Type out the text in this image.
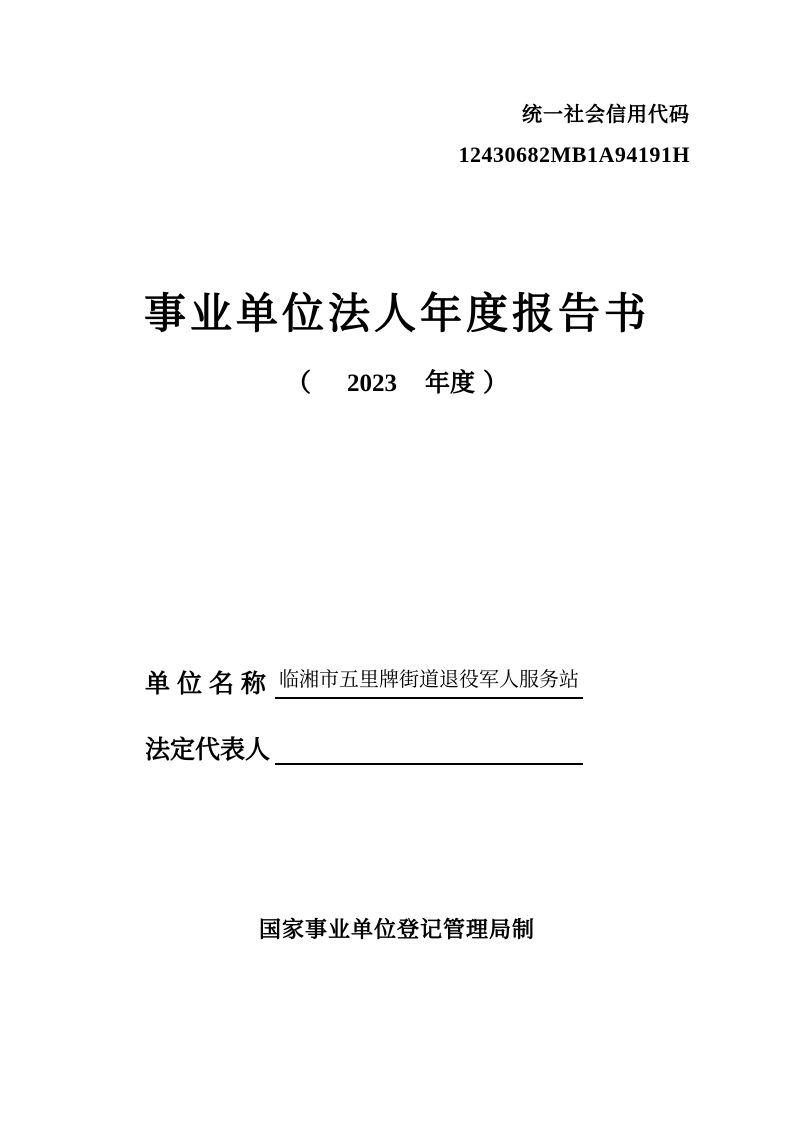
统一社会信用代码
12430682MB1A94191H
事业单位法人年度报告书
（ 2023 年度 ）
单 位 名 称 临湘市五里牌街道退役军人服务站
法定代表人
国家事业单位登记管理局制
